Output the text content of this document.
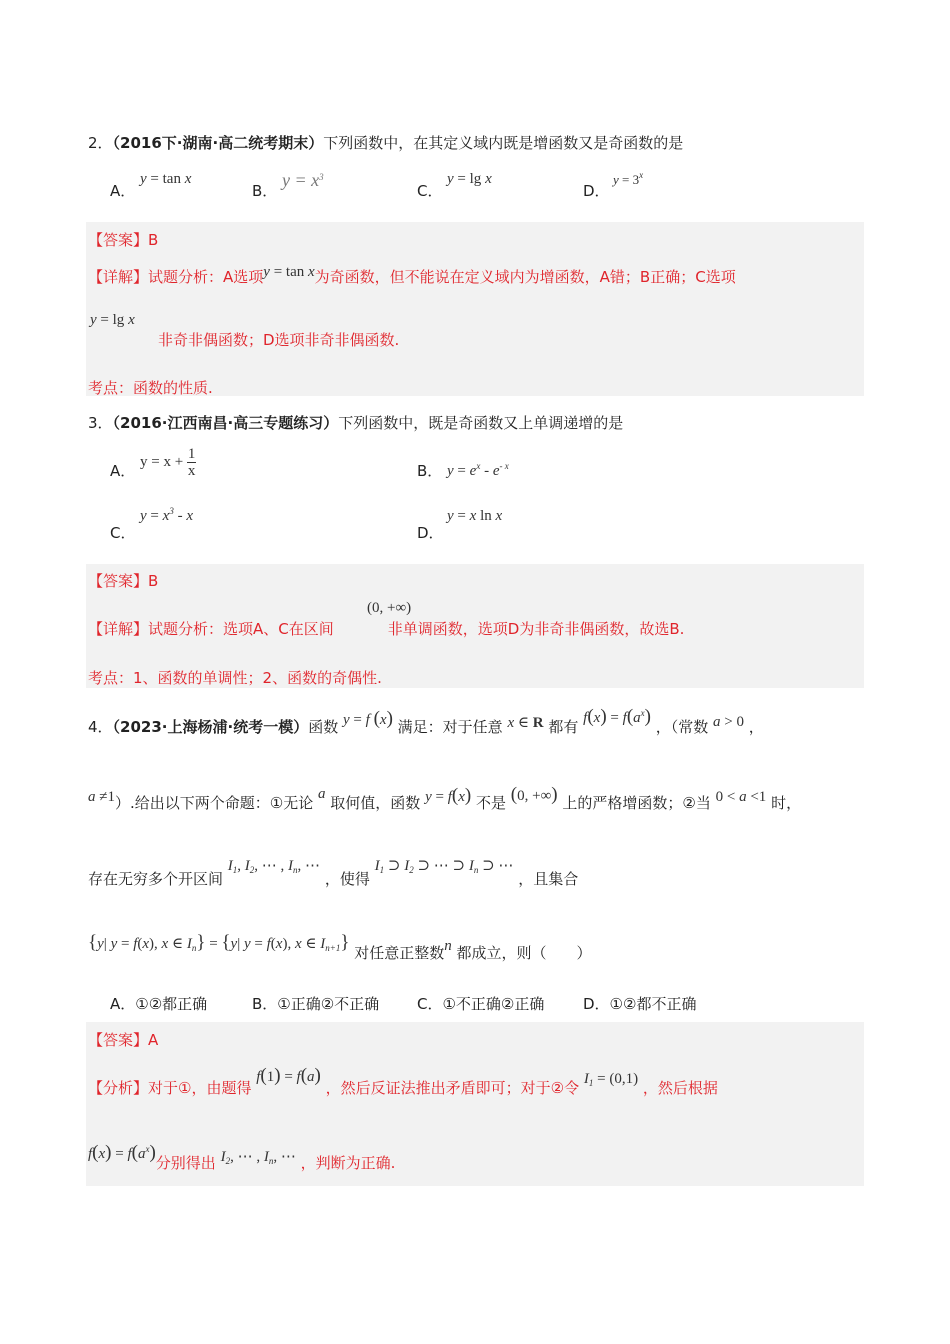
2．（2016下·湖南·高二统考期末）下列函数中，在其定义域内既是增函数又是奇函数的是
A．
y = tan x
B．
$y = x^3$
C．
y = lg x
D．
$y = 3^x$
【答案】B
【详解】试题分析：A选项y = tan x为奇函数，但不能说在定义域内为增函数，A错；B正确；C选项
y = lg x
非奇非偶函数；D选项非奇非偶函数.
考点：函数的性质.
3．（2016·江西南昌·高三专题练习）下列函数中，既是奇函数又上单调递增的是
A．
$y = x + \frac{1}{x}$	B． $y = e^x - e^{- x}$
C．
$y = x^3 - x$
D．
y = x ln x
【答案】B
(0, +∞)
【详解】试题分析：选项A、C在区间	非单调函数，选项D为非奇非偶函数，故选B.
考点：1、函数的单调性；2、函数的奇偶性.
4．（2023·上海杨浦·统考一模）函数 y = f (x) 满足：对于任意 x ∈ R 都有 $f(x) = f(a^x)$ ，（常数 a > 0 ，
a ≠1）.给出以下两个命题：①无论 a 取何值，函数 y = f(x) 不是 (0, +∞) 上的严格增函数；②当 0 < a <1 时，
存在无穷多个开区间 $I_1$, $I_2$, ⋯ , $I_n$, ⋯ ，使得 $I_1$ ⊃ $I_2$ ⊃ ⋯ ⊃ $I_n$ ⊃ ⋯ ，且集合
{y| y = f(x), x ∈ $I_n\} = \{y|$ y = f(x), x ∈ $I_{n+1}$} 对任意正整数n 都成立，则（　　）
A．①②都正确	B．①正确②不正确	C．①不正确②正确	D．①②都不正确
【答案】A
【分析】对于①，由题得 f(1) = f(a) ，然后反证法推出矛盾即可；对于②令 $I_1 = (0,1)$ ，然后根据
$f(x) = f(a^x)$分别得出 $I_2$, ⋯ , $I_n$, ⋯ ，判断为正确.
